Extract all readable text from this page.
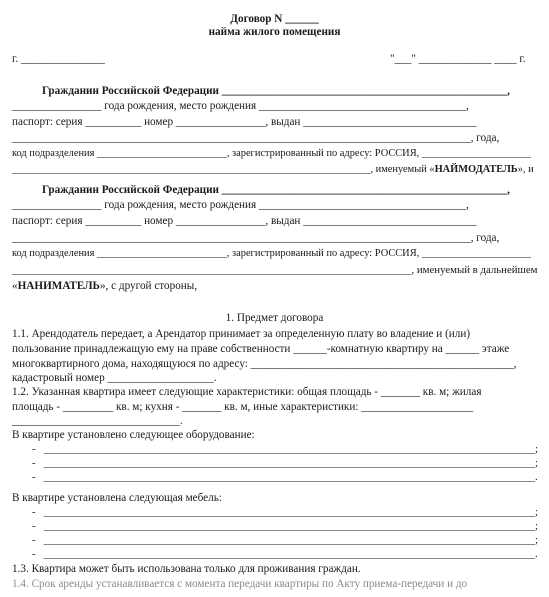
Договор N ______
найма жилого помещения
г. _______________	"___" _____________ ____ г.
Гражданин Российской Федерации ___________________________________________________,
________________ года рождения, место рождения _____________________________________,
паспорт: серия __________ номер ________________, выдан _______________________________
__________________________________________________________________________________, года,
код подразделения _________________________, зарегистрированный по адресу: РОССИЯ, _____________________
_____________________________________________________________________, именуемый «НАЙМОДАТЕЛЬ», и
Гражданин Российской Федерации ___________________________________________________,
________________ года рождения, место рождения _____________________________________,
паспорт: серия __________ номер ________________, выдан _______________________________
__________________________________________________________________________________, года,
код подразделения _________________________, зарегистрированный по адресу: РОССИЯ, _____________________
__________________________________________________________________________, именуемый в дальнейшем
«НАНИМАТЕЛЬ», с другой стороны,
1. Предмет договора
1.1. Арендодатель передает, а Арендатор принимает за определенную плату во владение и (или)
пользование принадлежащую ему на праве собственности ______-комнатную квартиру на ______ этаже
многоквартирного дома, находящуюся по адресу: _______________________________________________,
кадастровый номер ___________________.
1.2. Указанная квартира имеет следующие характеристики: общая площадь - _______ кв. м; жилая
площадь - _________ кв. м; кухня - _______ кв. м, иные характеристики: ____________________
______________________________.
В квартире установлено следующее оборудование:
- ___________________________________________________________________________________________;
- ___________________________________________________________________________________________;
- ___________________________________________________________________________________________.
В квартире установлена следующая мебель:
- ___________________________________________________________________________________________;
- ___________________________________________________________________________________________;
- ___________________________________________________________________________________________;
- ___________________________________________________________________________________________.
1.3. Квартира может быть использована только для проживания граждан.
1.4. Срок аренды устанавливается с момента передачи квартиры по Акту приема-передачи и до
